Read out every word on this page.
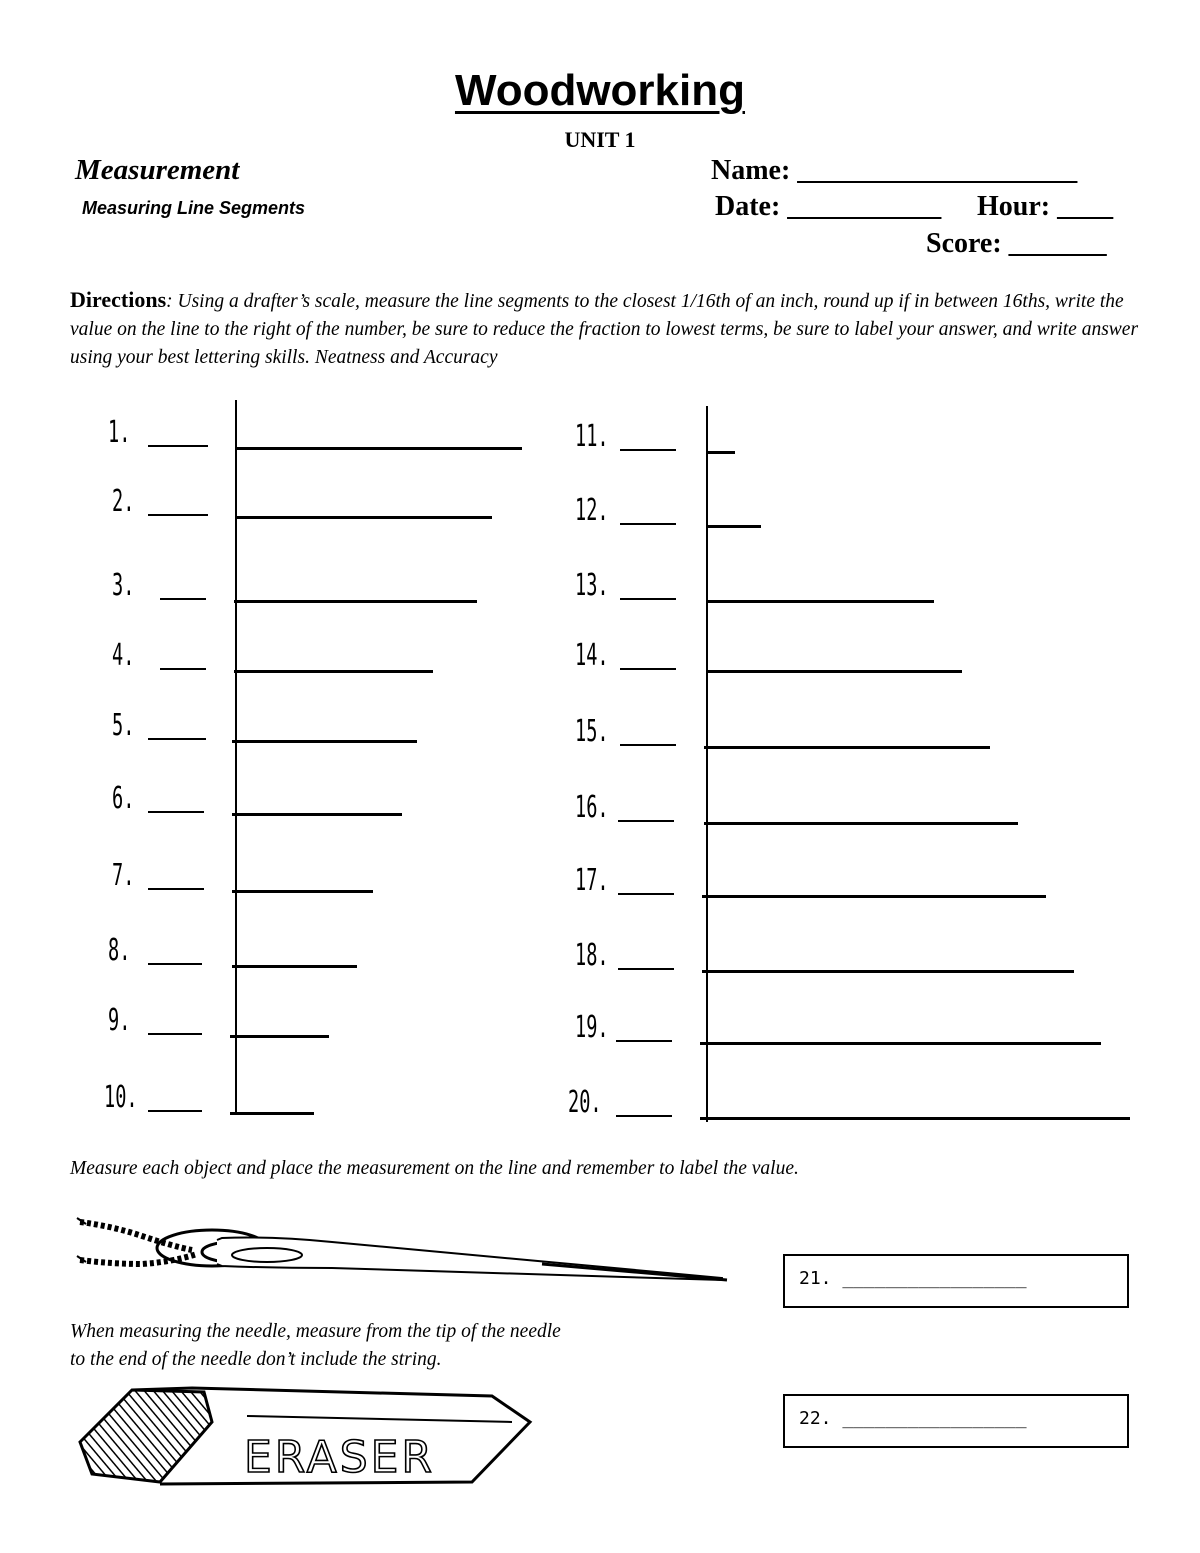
Woodworking
UNIT 1
Measurement
Measuring Line Segments
Name: ____________________
Date: ___________ Hour: ____
Score: _______
Directions: Using a drafter’s scale, measure the line segments to the closest 1/16th of an inch, round up if in between 16ths, write the value on the line to the right of the number, be sure to reduce the fraction to lowest terms, be sure to label your answer, and write answer using your best lettering skills. Neatness and Accuracy
1.
2.
3.
4.
5.
6.
7.
8.
9.
10.
11.
12.
13.
14.
15.
16.
17.
18.
19.
20.
Measure each object and place the measurement on the line and remember to label the value.
21. _________________
When measuring the needle, measure from the tip of the needle
to the end of the needle don’t include the string.
ERASER
22. _________________
